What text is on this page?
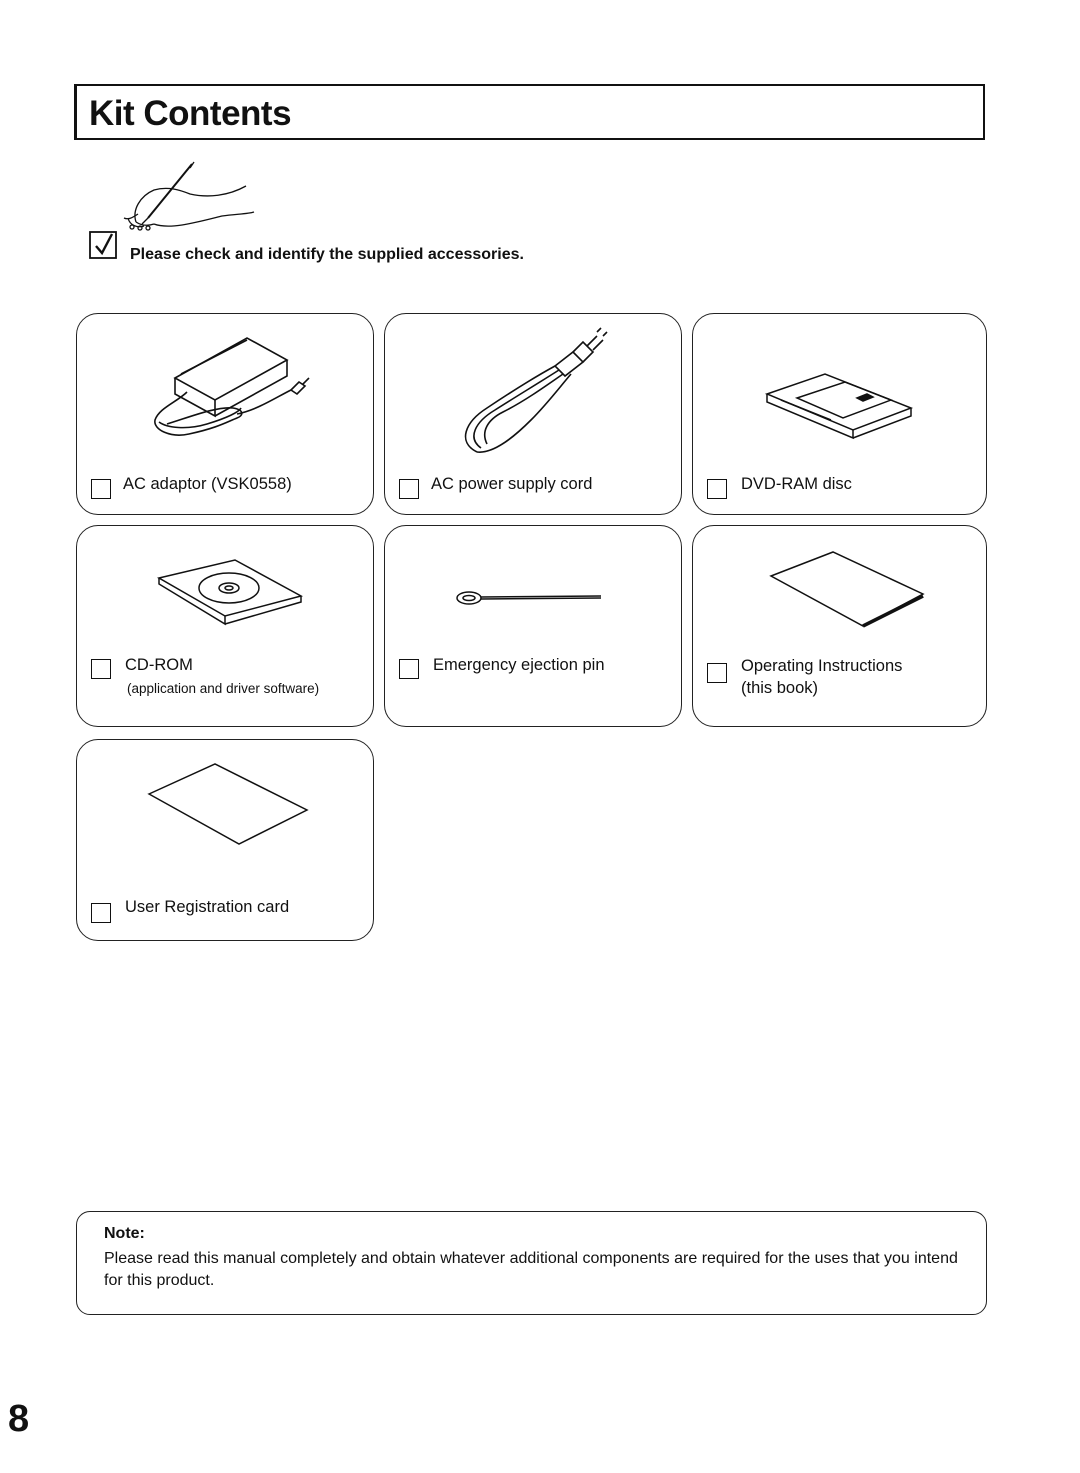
Kit Contents
Please check and identify the supplied accessories.
AC adaptor (VSK0558)	AC power supply cord	DVD-RAM disc
CD-ROM
(application and driver software)
Emergency ejection pin	Operating Instructions
(this book)
User Registration card
Note:
Please read this manual completely and obtain whatever additional components are required for the uses that you intend for this product.
8
